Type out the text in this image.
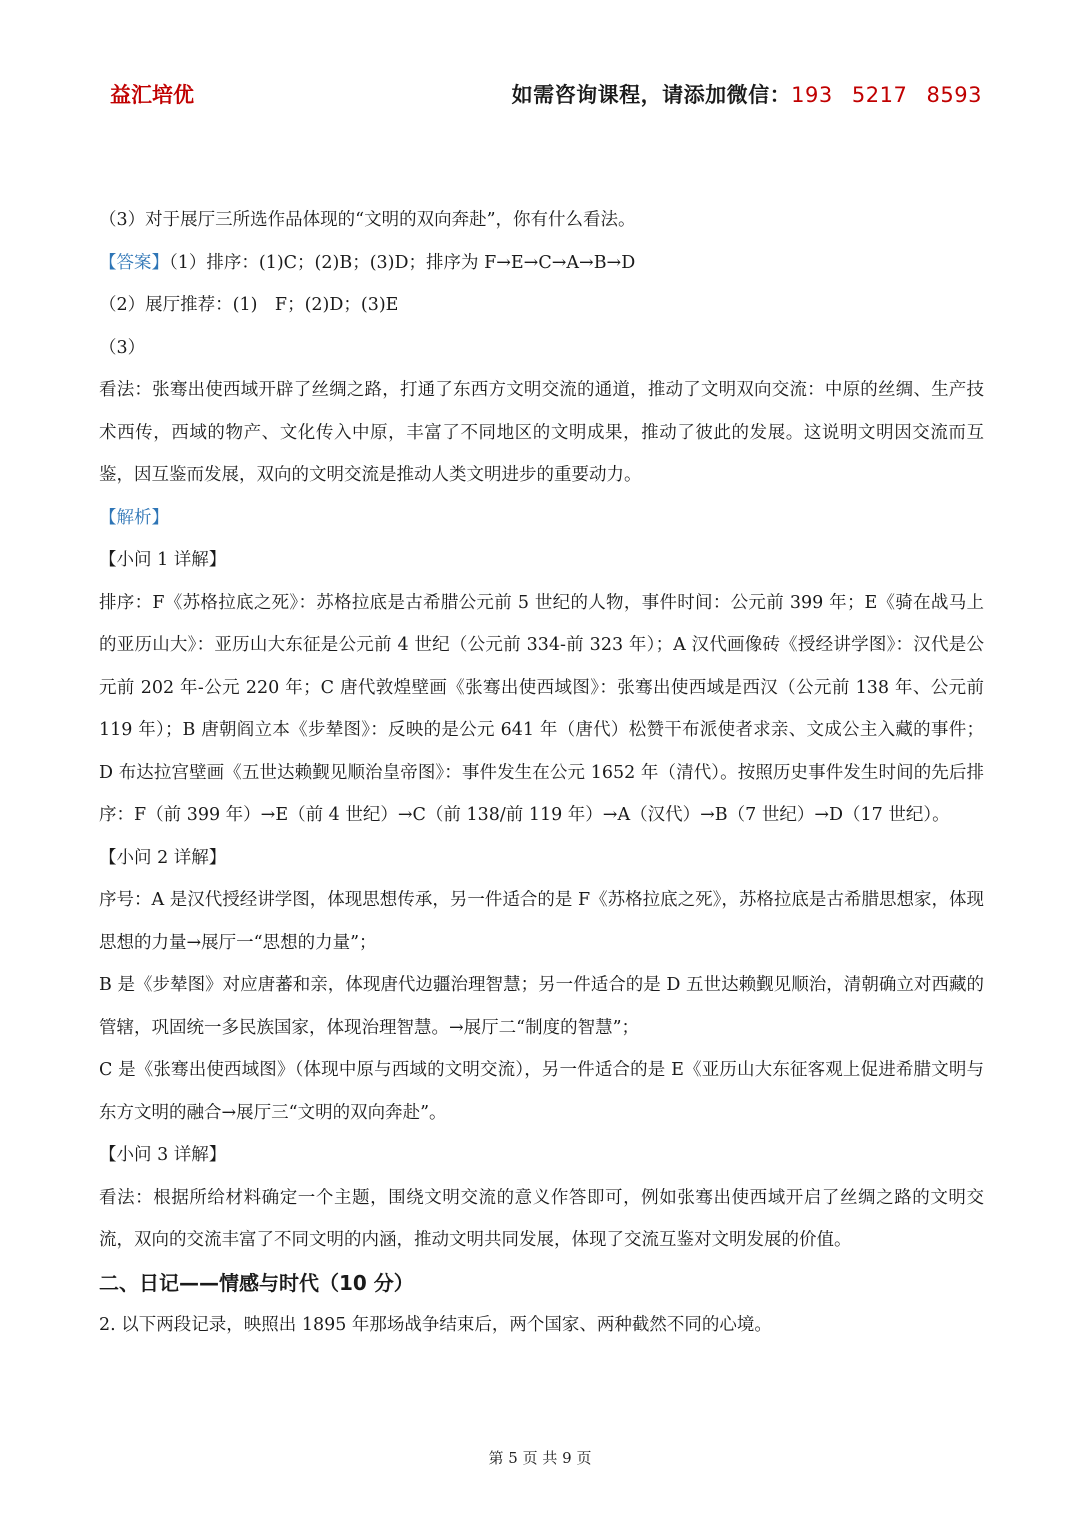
益汇培优	如需咨询课程，请添加微信：193 5217 8593
（3）对于展厅三所选作品体现的“文明的双向奔赴”，你有什么看法。
【答案】（1）排序：(1)C；(2)B；(3)D；排序为 F→E→C→A→B→D
（2）展厅推荐：(1)　F；(2)D；(3)E
（3）

看法：张骞出使西域开辟了丝绸之路，打通了东西方文明交流的通道，推动了文明双向交流：中原的丝绸、生产技术西传，西域的物产、文化传入中原，丰富了不同地区的文明成果，推动了彼此的发展。这说明文明因交流而互鉴，因互鉴而发展，双向的文明交流是推动人类文明进步的重要动力。

【解析】
【小问 1 详解】

排序：F《苏格拉底之死》：苏格拉底是古希腊公元前 5 世纪的人物，事件时间：公元前 399 年；E《骑在战马上的亚历山大》：亚历山大东征是公元前 4 世纪（公元前 334-前 323 年）；A 汉代画像砖《授经讲学图》：汉代是公元前 202 年-公元 220 年；C 唐代敦煌壁画《张骞出使西域图》：张骞出使西域是西汉（公元前 138 年、公元前 119 年）；B 唐朝阎立本《步辇图》：反映的是公元 641 年（唐代）松赞干布派使者求亲、文成公主入藏的事件；D 布达拉宫壁画《五世达赖觐见顺治皇帝图》：事件发生在公元 1652 年（清代）。按照历史事件发生时间的先后排序：F（前 399 年）→E（前 4 世纪）→C（前 138/前 119 年）→A（汉代）→B（7 世纪）→D（17 世纪）。

【小问 2 详解】

序号：A 是汉代授经讲学图，体现思想传承，另一件适合的是 F《苏格拉底之死》，苏格拉底是古希腊思想家，体现思想的力量→展厅一“思想的力量”；

B 是《步辇图》对应唐蕃和亲，体现唐代边疆治理智慧；另一件适合的是 D 五世达赖觐见顺治，清朝确立对西藏的管辖，巩固统一多民族国家，体现治理智慧。→展厅二“制度的智慧”；

C 是《张骞出使西域图》（体现中原与西域的文明交流），另一件适合的是 E《亚历山大东征客观上促进希腊文明与东方文明的融合→展厅三“文明的双向奔赴”。

【小问 3 详解】

看法：根据所给材料确定一个主题，围绕文明交流的意义作答即可，例如张骞出使西域开启了丝绸之路的文明交流，双向的交流丰富了不同文明的内涵，推动文明共同发展，体现了交流互鉴对文明发展的价值。

二、日记——情感与时代（10 分）
2. 以下两段记录，映照出 1895 年那场战争结束后，两个国家、两种截然不同的心境。
第 5 页 共 9 页
